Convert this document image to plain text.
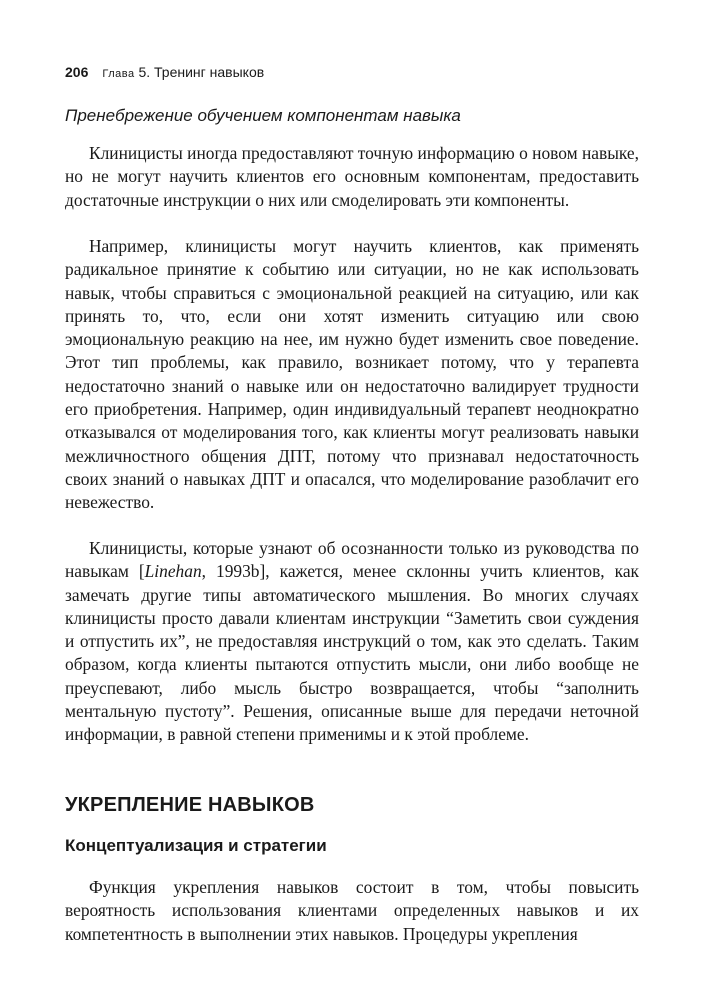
206 Глава 5. Тренинг навыков
Пренебрежение обучением компонентам навыка

Клиницисты иногда предоставляют точную информацию о новом навыке, но не могут научить клиентов его основным компонентам, предоставить достаточные инструкции о них или смоделировать эти компоненты.

Например, клиницисты могут научить клиентов, как применять радикальное принятие к событию или ситуации, но не как использовать навык, чтобы справиться с эмоциональной реакцией на ситуацию, или как принять то, что, если они хотят изменить ситуацию или свою эмоциональную реакцию на нее, им нужно будет изменить свое поведение. Этот тип проблемы, как правило, возникает потому, что у терапевта недостаточно знаний о навыке или он недостаточно валидирует трудности его приобретения. Например, один индивидуальный терапевт неоднократно отказывался от моделирования того, как клиенты могут реализовать навыки межличностного общения ДПТ, потому что признавал недостаточность своих знаний о навыках ДПТ и опасался, что моделирование разоблачит его невежество.

Клиницисты, которые узнают об осознанности только из руководства по навыкам [Linehan, 1993b], кажется, менее склонны учить клиентов, как замечать другие типы автоматического мышления. Во многих случаях клиницисты просто давали клиентам инструкции “Заметить свои суждения и отпустить их”, не предоставляя инструкций о том, как это сделать. Таким образом, когда клиенты пытаются отпустить мысли, они либо вообще не преуспевают, либо мысль быстро возвращается, чтобы “заполнить ментальную пустоту”. Решения, описанные выше для передачи неточной информации, в равной степени применимы и к этой проблеме.

УКРЕПЛЕНИЕ НАВЫКОВ
Концептуализация и стратегии

Функция укрепления навыков состоит в том, чтобы повысить вероятность использования клиентами определенных навыков и их компетентность в выполнении этих навыков. Процедуры укрепления
